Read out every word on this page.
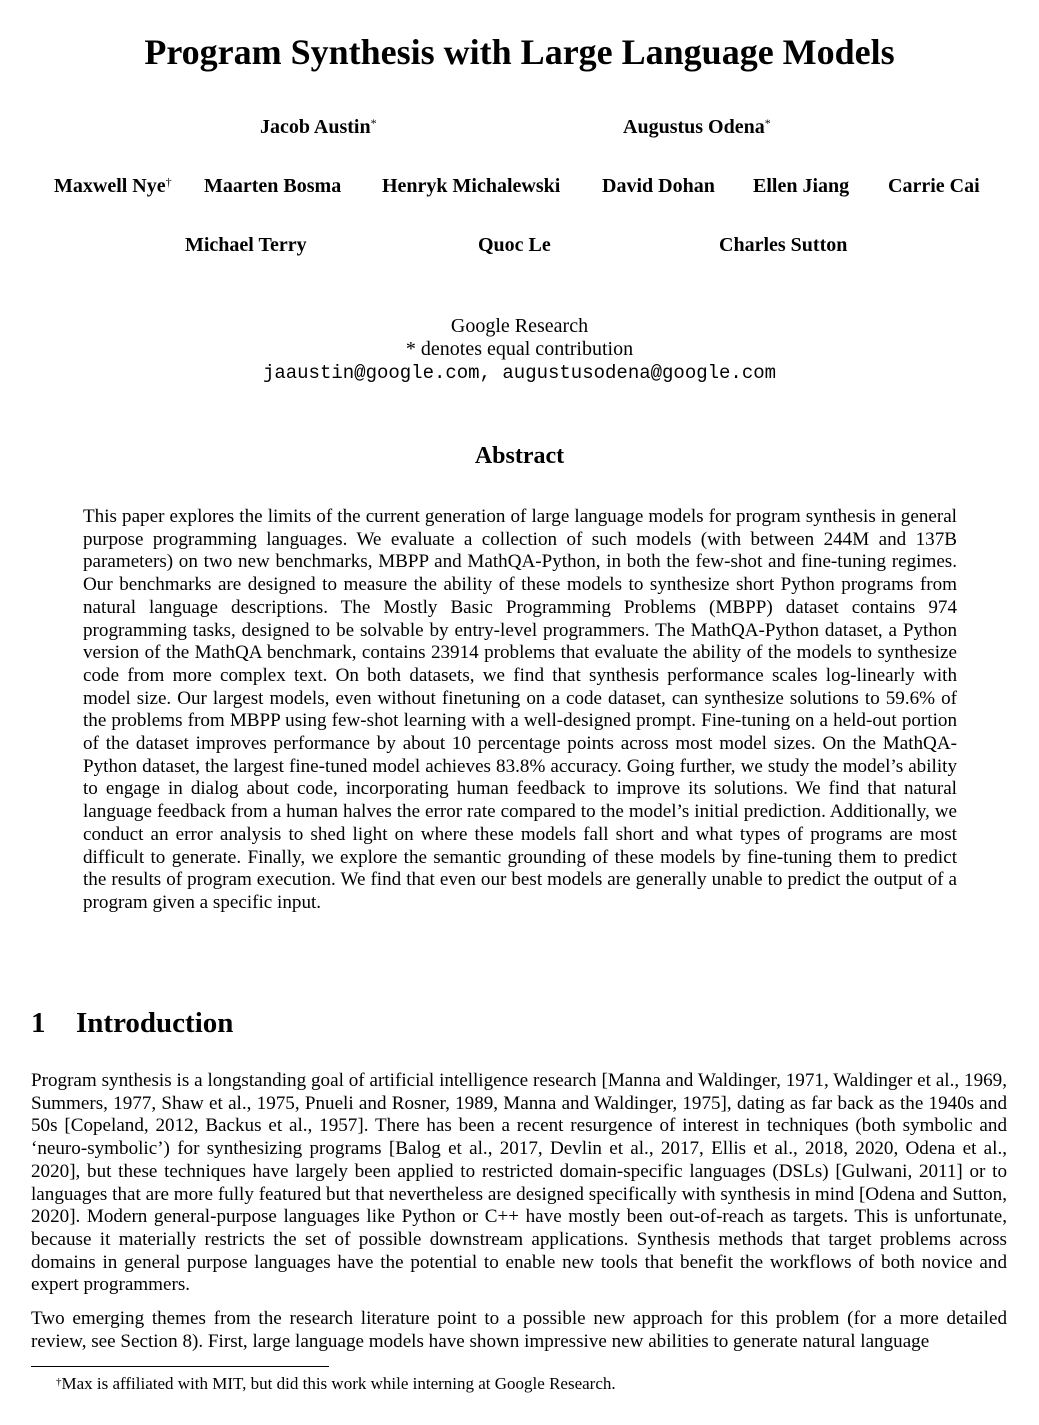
Program Synthesis with Large Language Models
Jacob Austin*	Augustus Odena*
Maxwell Nye† Maarten Bosma Henryk Michalewski David Dohan Ellen Jiang Carrie Cai
Michael Terry	Quoc Le	Charles Sutton
Google Research
* denotes equal contribution
jaaustin@google.com, augustusodena@google.com
Abstract

This paper explores the limits of the current generation of large language models for program synthesis in general purpose programming languages. We evaluate a collection of such models (with between 244M and 137B parameters) on two new benchmarks, MBPP and MathQA-Python, in both the few-shot and fine-tuning regimes. Our benchmarks are designed to measure the ability of these models to synthesize short Python programs from natural language descriptions. The Mostly Basic Programming Problems (MBPP) dataset contains 974 programming tasks, designed to be solvable by entry-level programmers. The MathQA-Python dataset, a Python version of the MathQA benchmark, contains 23914 problems that evaluate the ability of the models to synthesize code from more complex text. On both datasets, we find that synthesis performance scales log-linearly with model size. Our largest models, even without finetuning on a code dataset, can synthesize solutions to 59.6% of the problems from MBPP using few-shot learning with a well-designed prompt. Fine-tuning on a held-out portion of the dataset improves performance by about 10 percentage points across most model sizes. On the MathQA-Python dataset, the largest fine-tuned model achieves 83.8% accuracy. Going further, we study the model’s ability to engage in dialog about code, incorporating human feedback to improve its solutions. We find that natural language feedback from a human halves the error rate compared to the model’s initial prediction. Additionally, we conduct an error analysis to shed light on where these models fall short and what types of programs are most difficult to generate. Finally, we explore the semantic grounding of these models by fine-tuning them to predict the results of program execution. We find that even our best models are generally unable to predict the output of a program given a specific input.

1 Introduction

Program synthesis is a longstanding goal of artificial intelligence research [Manna and Waldinger, 1971, Waldinger et al., 1969, Summers, 1977, Shaw et al., 1975, Pnueli and Rosner, 1989, Manna and Waldinger, 1975], dating as far back as the 1940s and 50s [Copeland, 2012, Backus et al., 1957]. There has been a recent resurgence of interest in techniques (both symbolic and ‘neuro-symbolic’) for synthesizing programs [Balog et al., 2017, Devlin et al., 2017, Ellis et al., 2018, 2020, Odena et al., 2020], but these techniques have largely been applied to restricted domain-specific languages (DSLs) [Gulwani, 2011] or to languages that are more fully featured but that nevertheless are designed specifically with synthesis in mind [Odena and Sutton, 2020]. Modern general-purpose languages like Python or C++ have mostly been out-of-reach as targets. This is unfortunate, because it materially restricts the set of possible downstream applications. Synthesis methods that target problems across domains in general purpose languages have the potential to enable new tools that benefit the workflows of both novice and expert programmers.

Two emerging themes from the research literature point to a possible new approach for this problem (for a more detailed review, see Section 8). First, large language models have shown impressive new abilities to generate natural language

†Max is affiliated with MIT, but did this work while interning at Google Research.
